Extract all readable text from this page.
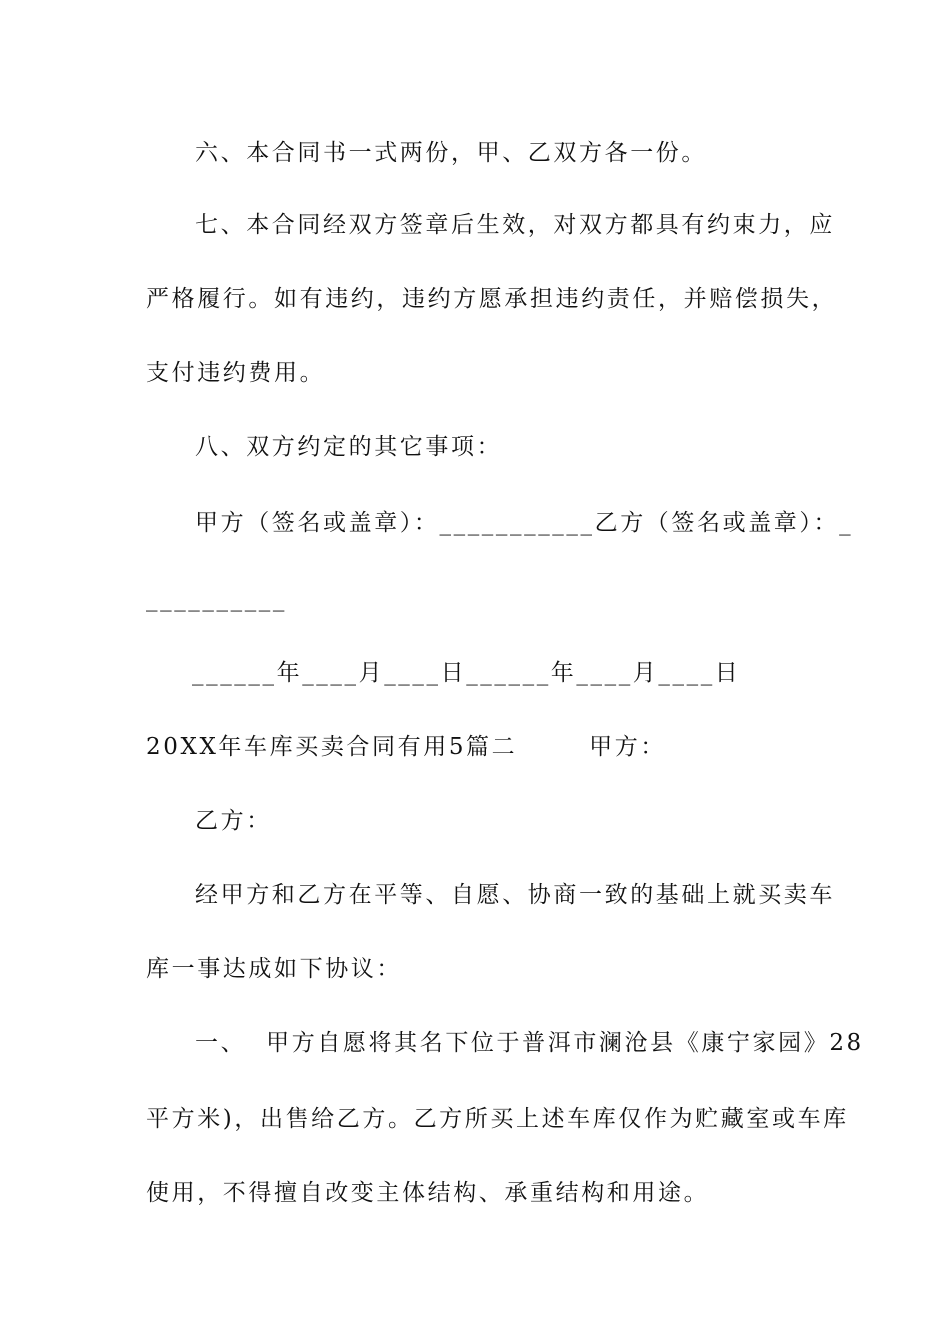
六、本合同书一式两份，甲、乙双方各一份。
七、本合同经双方签章后生效，对双方都具有约束力，应
严格履行。如有违约，违约方愿承担违约责任，并赔偿损失，
支付违约费用。
八、双方约定的其它事项：
甲方（签名或盖章）：___________乙方（签名或盖章）：_
__________
______年____月____日______年____月____日
20XX年车库买卖合同有用5篇二	甲方：
乙方：
经甲方和乙方在平等、自愿、协商一致的基础上就买卖车
库一事达成如下协议：
一、 甲方自愿将其名下位于普洱市澜沧县《康宁家园》28
平方米)，出售给乙方。乙方所买上述车库仅作为贮藏室或车库
使用，不得擅自改变主体结构、承重结构和用途。
